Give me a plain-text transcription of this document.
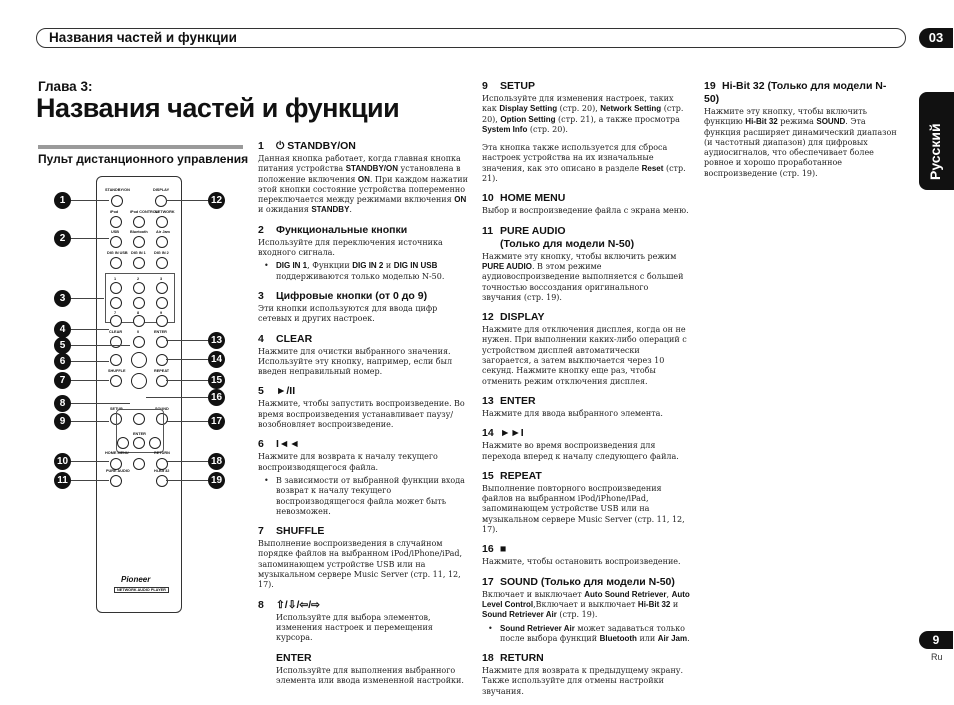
Названия частей и функции	03
Русский
Глава 3:
Названия частей и функции
Пульт дистанционного управления
STANDBY/ON	DISPLAY
iPod	iPod CONTROL
NETWORK
USB	Bluetooth Air Jam
DIG IN USB DIG IN 1 DIG IN 2
1	2	3
7	8	9
CLEAR	0	ENTER
SHUFFLE	REPEAT
SETUP	SOUND
ENTER
HOME MENU	RETURN
PURE AUDIO	Hi-Bit 32
Pioneer
NETWORK AUDIO PLAYER
1
2
3
4
5
6
7
8
9
10
11
12
13
14
15
16
17
18
19
1 ⏻ STANDBY/ON
Данная кнопка работает, когда главная кнопка питания устройства STANDBY/ON установлена в положение включения ON. При каждом нажатии этой кнопки состояние устройства попеременно переключается между режимами включения ON и ожидания STANDBY.
2 Функциональные кнопки
Используйте для переключения источника входного сигнала.
• DIG IN 1, Функции DIG IN 2 и DIG IN USB поддерживаются только моделью N-50.
3 Цифровые кнопки (от 0 до 9)
Эти кнопки используются для ввода цифр сетевых и других настроек.
4 CLEAR
Нажмите для очистки выбранного значения. Используйте эту кнопку, например, если был введен неправильный номер.
5 ►/II
Нажмите, чтобы запустить воспроизведение. Во время воспроизведения устанавливает паузу/возобновляет воспроизведение.
6 I◄◄
Нажмите для возврата к началу текущего воспроизводящегося файла.
• В зависимости от выбранной функции входа возврат к началу текущего воспроизводящегося файла может быть невозможен.
7 SHUFFLE
Выполнение воспроизведения в случайном порядке файлов на выбранном iPod/iPhone/iPad, запоминающем устройстве USB или на музыкальном сервере Music Server (стр. 11, 12, 17).
8 ⇧/⇩/⇦/⇨
Используйте для выбора элементов, изменения настроек и перемещения курсора.
ENTER
Используйте для выполнения выбранного элемента или ввода измененной настройки.
9 SETUP
Используйте для изменения настроек, таких как Display Setting (стр. 20), Network Setting (стр. 20), Option Setting (стр. 21), а также просмотра System Info (стр. 20).
Эта кнопка также используется для сброса настроек устройства на их изначальные значения, как это описано в разделе Reset (стр. 21).
10 HOME MENU
Выбор и воспроизведение файла с экрана меню.
11 PURE AUDIO
(Только для модели N-50)
Нажмите эту кнопку, чтобы включить режим PURE AUDIO. В этом режиме аудиовоспроизведение выполняется с большей точностью воссоздания оригинального звучания (стр. 19).
12 DISPLAY
Нажмите для отключения дисплея, когда он не нужен. При выполнении каких-либо операций с устройством дисплей автоматически загорается, а затем выключается через 10 секунд. Нажмите кнопку еще раз, чтобы отменить режим отключения дисплея.
13 ENTER
Нажмите для ввода выбранного элемента.
14 ►►I
Нажмите во время воспроизведения для перехода вперед к началу следующего файла.
15 REPEAT
Выполнение повторного воспроизведения файлов на выбранном iPod/iPhone/iPad, запоминающем устройстве USB или на музыкальном сервере Music Server (стр. 11, 12, 17).
16 ■
Нажмите, чтобы остановить воспроизведение.
17 SOUND (Только для модели N-50)
Включает и выключает Auto Sound Retriever, Auto Level Control,Включает и выключает Hi-Bit 32 и Sound Retriever Air (стр. 19).
• Sound Retriever Air может задаваться только после выбора функций Bluetooth или Air Jam.
18 RETURN
Нажмите для возврата к предыдущему экрану. Также используйте для отмены настройки звучания.
19 Hi-Bit 32 (Только для модели N-50)
Нажмите эту кнопку, чтобы включить функцию Hi-Bit 32 режима SOUND. Эта функция расширяет динамический диапазон (и частотный диапазон) для цифровых аудиосигналов, что обеспечивает более ровное и хорошо проработанное воспроизведение (стр. 19).
9
Ru
